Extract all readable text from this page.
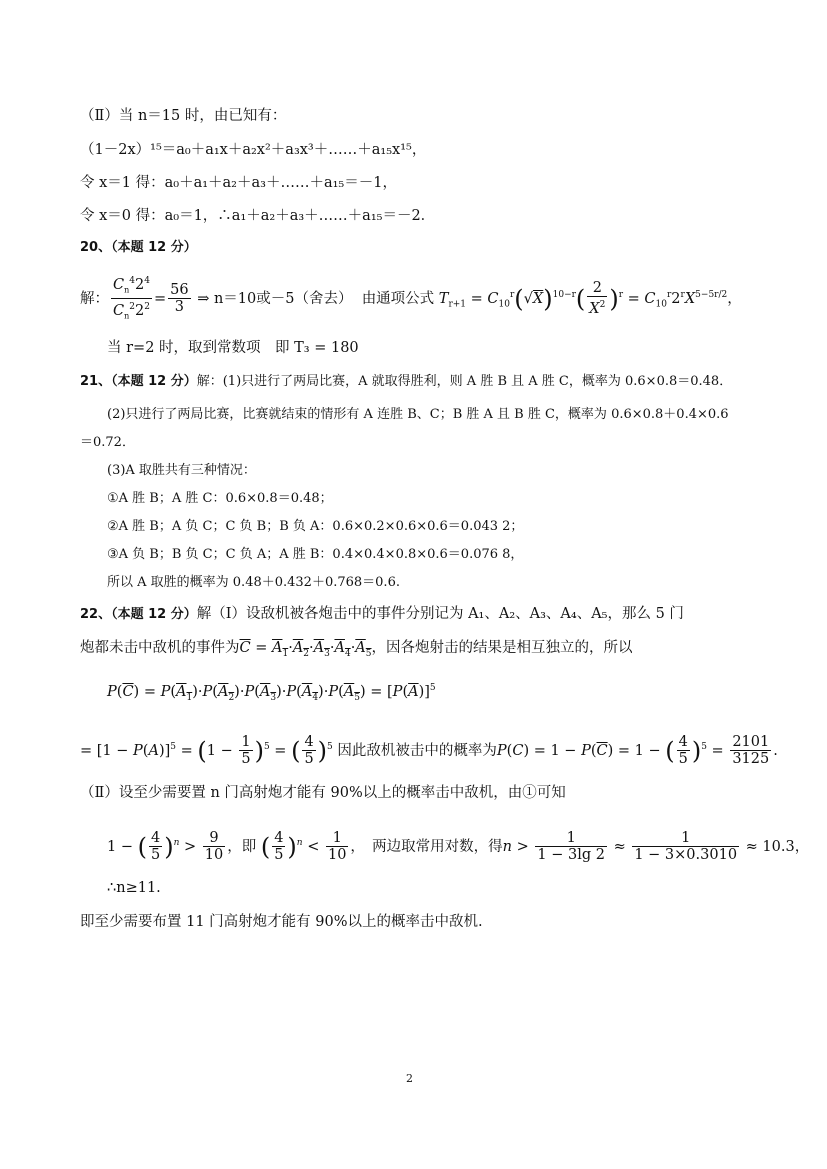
（Ⅱ）当 n＝15 时，由已知有：
（1－2x）¹⁵＝a₀＋a₁x＋a₂x²＋a₃x³＋……＋a₁₅x¹⁵，
令 x＝1 得：a₀＋a₁＋a₂＋a₃＋……＋a₁₅＝－1，
令 x＝0 得：a₀＝1，∴a₁＋a₂＋a₃＋……＋a₁₅＝－2．
20、（本题 12 分）
解： $\frac{C_n^42^4}{C_n^22^2} = \frac{56}{3}$ ⇒ n＝10或－5（舍去） 由通项公式 $T_{r+1} = C_{10}^r(√X)^{10-r}( \frac{2}{X^2} )^r = C_{10}^r2^rX^{5-5r/2}$，
当 r=2 时，取到常数项　即 T₃ = 180
21、（本题 12 分）解：(1)只进行了两局比赛，A 就取得胜利，则 A 胜 B 且 A 胜 C，概率为 0.6×0.8＝0.48．
(2)只进行了两局比赛，比赛就结束的情形有 A 连胜 B、C；B 胜 A 且 B 胜 C，概率为 0.6×0.8＋0.4×0.6
＝0.72．
(3)A 取胜共有三种情况：
①A 胜 B；A 胜 C：0.6×0.8＝0.48；
②A 胜 B；A 负 C；C 负 B；B 负 A：0.6×0.2×0.6×0.6＝0.043 2；
③A 负 B；B 负 C；C 负 A；A 胜 B：0.4×0.4×0.8×0.6＝0.076 8，
所以 A 取胜的概率为 0.48＋0.432＋0.768＝0.6.
22、（本题 12 分）解（Ⅰ）设敌机被各炮击中的事件分别记为 A₁、A₂、A₃、A₄、A₅，那么 5 门
炮都未击中敌机的事件为$\overline{C} = A_1\cdot A_2\cdot A_3\cdot A_4\cdot A_5$，因各炮射击的结果是相互独立的，所以
$P(\overline{C}) = P(A_1)\cdot P(A_2)\cdot P(A_3)\cdot P(A_4)\cdot P(A_5) = [P(\overline{A})]^5$
= $[1 - P(A)]^5 = (1 - \frac{1}{5} )^5$ = ( $\frac{4}{5} )^5$ 因此敌机被击中的概率为$P(C) = 1 - P(\overline{C}) = 1$ − ( $\frac{4}{5} )^5 = \frac{2101}{3125}$ .
（Ⅱ）设至少需要置 n 门高射炮才能有 90%以上的概率击中敌机，由①可知
1 − ( $\frac{4}{5} )^n > \frac{9}{10}$ ，即 ( $\frac{4}{5} )^n < \frac{1}{10}$ ，　两边取常用对数，得$n > \frac{1}{1 - 3\lg 2} \approx \frac{1}{1 - 3\times 0.3010} \approx 10.3$，
∴n≥11.
即至少需要布置 11 门高射炮才能有 90%以上的概率击中敌机.
2
